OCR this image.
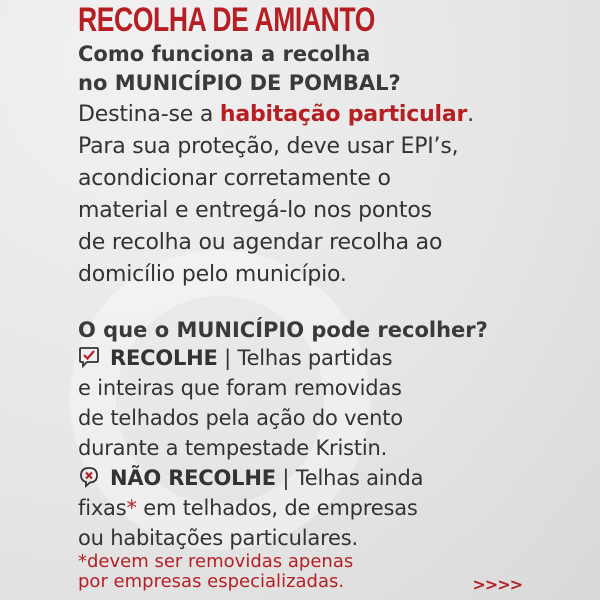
RECOLHA DE AMIANTO
Como funciona a recolha
no MUNICÍPIO DE POMBAL?
Destina-se a habitação particular.
Para sua proteção, deve usar EPI’s,
acondicionar corretamente o
material e entregá-lo nos pontos
de recolha ou agendar recolha ao
domicílio pelo município.
O que o MUNICÍPIO pode recolher?
RECOLHE | Telhas partidas
e inteiras que foram removidas
de telhados pela ação do vento
durante a tempestade Kristin.
NÃO RECOLHE | Telhas ainda
fixas* em telhados, de empresas
ou habitações particulares.
*devem ser removidas apenas
por empresas especializadas.	>>>>
